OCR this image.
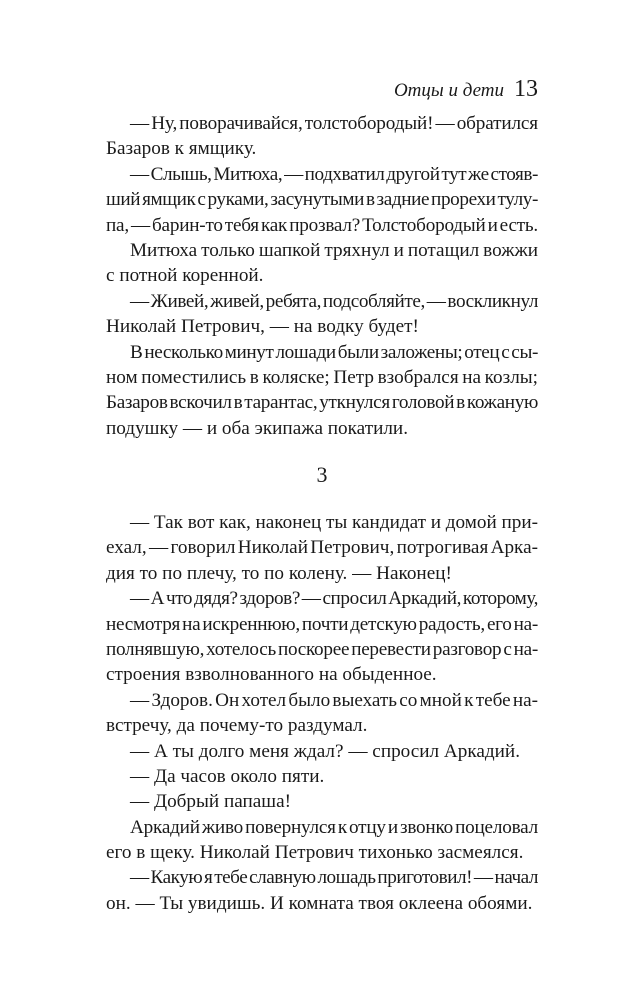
Отцы и дети 13
— Ну, поворачивайся, толстобородый! — обратился
Базаров к ямщику.
— Слышь, Митюха, — подхватил другой тут же стояв-
ший ямщик с руками, засунутыми в задние прорехи тулу-
па, — барин-то тебя как прозвал? Толстобородый и есть.
Митюха только шапкой тряхнул и потащил вожжи
с потной коренной.
— Живей, живей, ребята, подсобляйте, — воскликнул
Николай Петрович, — на водку будет!
В несколько минут лошади были заложены; отец с сы-
ном поместились в коляске; Петр взобрался на козлы;
Базаров вскочил в тарантас, уткнулся головой в кожаную
подушку — и оба экипажа покатили.
3
— Так вот как, наконец ты кандидат и домой при-
ехал, — говорил Николай Петрович, потрогивая Арка-
дия то по плечу, то по колену. — Наконец!
— А что дядя? здоров? — спросил Аркадий, которому,
несмотря на искреннюю, почти детскую радость, его на-
полнявшую, хотелось поскорее перевести разговор с на-
строения взволнованного на обыденное.
— Здоров. Он хотел было выехать со мной к тебе на-
встречу, да почему-то раздумал.
— А ты долго меня ждал? — спросил Аркадий.
— Да часов около пяти.
— Добрый папаша!
Аркадий живо повернулся к отцу и звонко поцеловал
его в щеку. Николай Петрович тихонько засмеялся.
— Какую я тебе славную лошадь приготовил! — начал
он. — Ты увидишь. И комната твоя оклеена обоями.
